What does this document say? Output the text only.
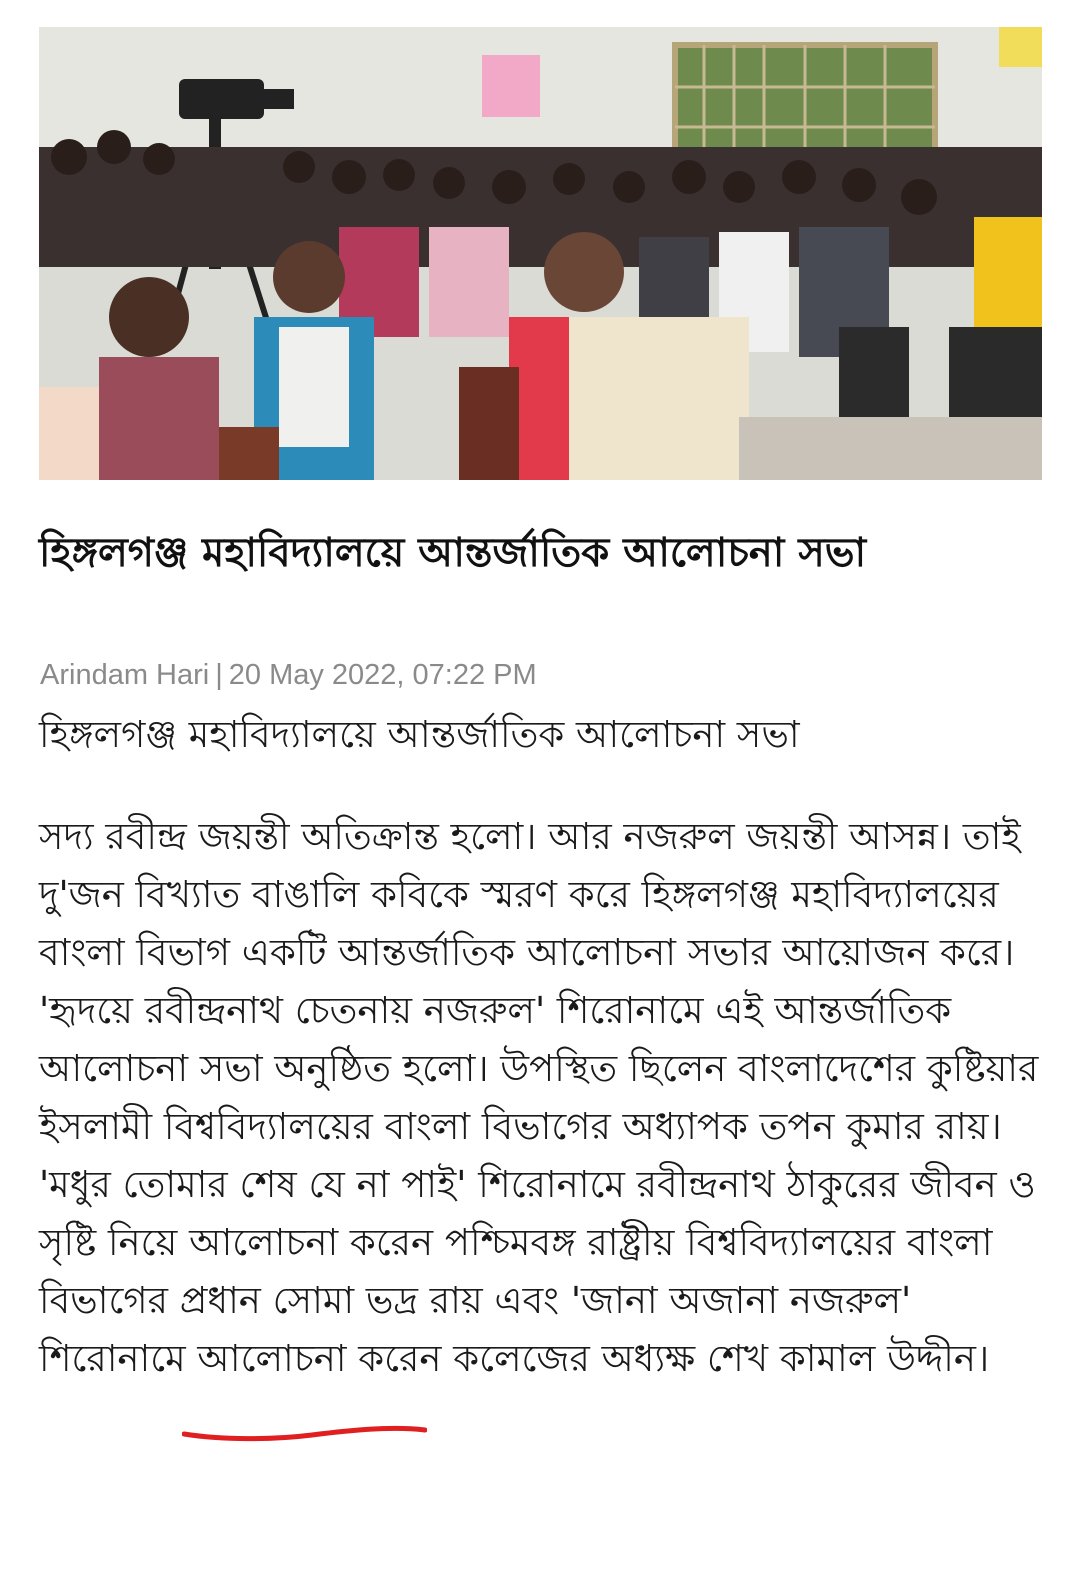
হিঙ্গলগঞ্জ মহাবিদ্যালয়ে আন্তর্জাতিক আলোচনা সভা
Arindam Hari | 20 May 2022, 07:22 PM
হিঙ্গলগঞ্জ মহাবিদ্যালয়ে আন্তর্জাতিক আলোচনা সভা

সদ্য রবীন্দ্র জয়ন্তী অতিক্রান্ত হলো। আর নজরুল জয়ন্তী আসন্ন। তাই দু'জন বিখ্যাত বাঙালি কবিকে স্মরণ করে হিঙ্গলগঞ্জ মহাবিদ্যালয়ের বাংলা বিভাগ একটি আন্তর্জাতিক আলোচনা সভার আয়োজন করে। 'হৃদয়ে রবীন্দ্রনাথ চেতনায় নজরুল' শিরোনামে এই আন্তর্জাতিক আলোচনা সভা অনুষ্ঠিত হলো। উপস্থিত ছিলেন বাংলাদেশের কুষ্টিয়ার ইসলামী বিশ্ববিদ্যালয়ের বাংলা বিভাগের অধ্যাপক তপন কুমার রায়। 'মধুর তোমার শেষ যে না পাই' শিরোনামে রবীন্দ্রনাথ ঠাকুরের জীবন ও সৃষ্টি নিয়ে আলোচনা করেন পশ্চিমবঙ্গ রাষ্ট্রীয় বিশ্ববিদ্যালয়ের বাংলা বিভাগের প্রধান সোমা ভদ্র রায় এবং 'জানা অজানা নজরুল' শিরোনামে আলোচনা করেন কলেজের অধ্যক্ষ শেখ কামাল উদ্দীন।
